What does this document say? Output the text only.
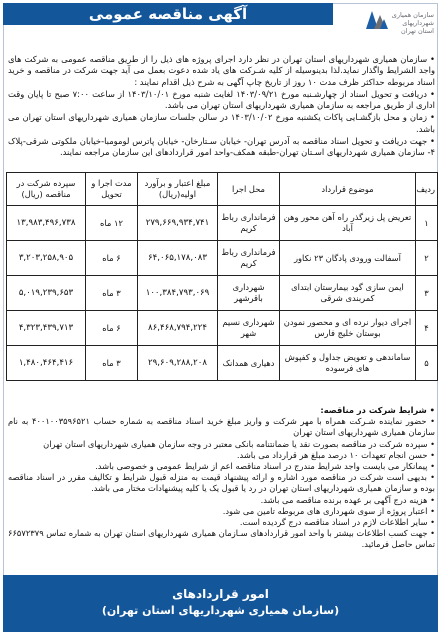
آگهی مناقصه عمومی	سازمان همیاری شهرداریهای استان تهران

• سازمان همیاری شهرداریهای استان تهران در نظر دارد اجرای پروژه های ذیل را از طریق مناقصه عمومی به شرکت های واجد الشرایط واگذار نماید.لذا بدینوسیله از کلیه شـرکت های یاد شده دعوت بعمل می آید جهت شرکت در مناقصه و خرید اسناد مربوطه حداکثر ظرف مدت ۱۰ روز از تاریخ چاپ آگهی به شرح ذیل اقدام نمایند :

• دریافت و تحویل اسناد از چهارشـنبه مورخ ۱۴۰۳/۰۹/۲۱ لغایت شنبه مورخ ۱۴۰۳/۱۰/۰۱ از ساعت ۷:۰۰ صبح تا پایان وقت اداری از طریق مراجعه به سازمان همیاری شهرداریهای استان تهران می باشد.

• زمان و محل بازگشـایی پاکات یکشنبه مورخ ۱۴۰۳/۱۰/۰۲ در سالن جلسات سازمان همیاری شهرداریهای استان تهران می باشد.

• جهت دریافت و تحویل اسناد مناقصه به آدرس تهران- خیابان سـتارخان- خیابان پاترس لومومبا-خیابان ملکوتی شرقی-پلاک ۴- سازمان همیاری شهرداریهای اسـتان تهران-طبقه همکف-واحد امور قراردادهای این سازمان مراجعه نمایند.

ردیف	موضوع قرارداد	محل اجرا	مبلغ اعتبار و برآورد اولیه(ریال)	مدت اجرا و تحویل	سپرده شرکت در مناقصه (ریال)
۱	تعریض پل زیرگذر راه آهن محور وهن آباد	فرمانداری رباط کریم	۲۷۹,۶۶۹,۹۳۴,۷۴۱	۱۲ ماه	۱۳,۹۸۳,۴۹۶,۷۳۸
۲	آسفالت ورودی پادگان ۲۳ نکاور	فرمانداری رباط کریم	۶۴,۰۶۵,۱۷۸,۰۸۳	۶ ماه	۳,۲۰۳,۲۵۸,۹۰۵
۳	ایمن سازی گود بیمارستان ابتدای کمربندی شرقی	شهرداری باقرشهر	۱۰۰,۳۸۴,۷۹۳,۰۶۹	۳ ماه	۵,۰۱۹,۲۳۹,۶۵۳
۴	اجرای دیوار نرده ای و محصور نمودن بوستان خلیج فارس	شهرداری نسیم شهر	۸۶,۴۶۸,۷۹۴,۲۲۴	۶ ماه	۴,۳۲۳,۴۳۹,۷۱۳
۵	ساماندهی و تعویض جداول و کفپوش های فرسوده	دهیاری همدانک	۲۹,۶۰۹,۲۸۸,۲۰۸	۳ ماه	۱,۴۸۰,۴۶۴,۴۱۶

• شرایط شرکت در مناقصه:

• حضور نماینده شـرکت همراه با مهر شرکت و واریز مبلغ خرید اسناد مناقصه به شماره حساب ۴۰۰۱۰۰۳۵۹۶۵۲۱ به نام سازمان همیاری شهرداریهای استان تهران

• سپرده شرکت در مناقصه بصورت نقد یا ضمانتنامه بانکی معتبر در وجه سازمان همیاری شهرداریهای استان تهران

• حسن انجام تعهدات ۱۰ درصد مبلغ هر قرارداد می باشد.

• پیمانکار می بایست واجد شرایط مندرج در اسناد مناقصه اعم از شرایط عمومی و خصوصی باشد.

• بدیهی است شرکت در مناقصه مورد اشاره و ارائه پیشنهاد قیمت به منزله قبول شرایط و تکالیف مقرر در اسناد مناقصه بوده و سازمان همیاری شهرداریهای استان تهران در رد یا قبول یک یا کلیه پیشنهادات مختار می باشد.

• هزینه درج آگهی بر عهده برنده مناقصه می باشد.

• اعتبار پروژه از سوی شهرداری های مربوطه تامین می شود.

• سایر اطلاعات لازم در اسناد مناقصه درج گردیده است.

• جهت کسب اطلاعات بیشتر با واحد امور قراردادهای سـازمان همیاری شهرداریهای استان تهران به شماره تماس ۶۶۵۷۲۳۷۹ تماس حاصل فرمائید.

امور قراردادهای
(سازمان همیاری شهرداریهای استان تهران)
